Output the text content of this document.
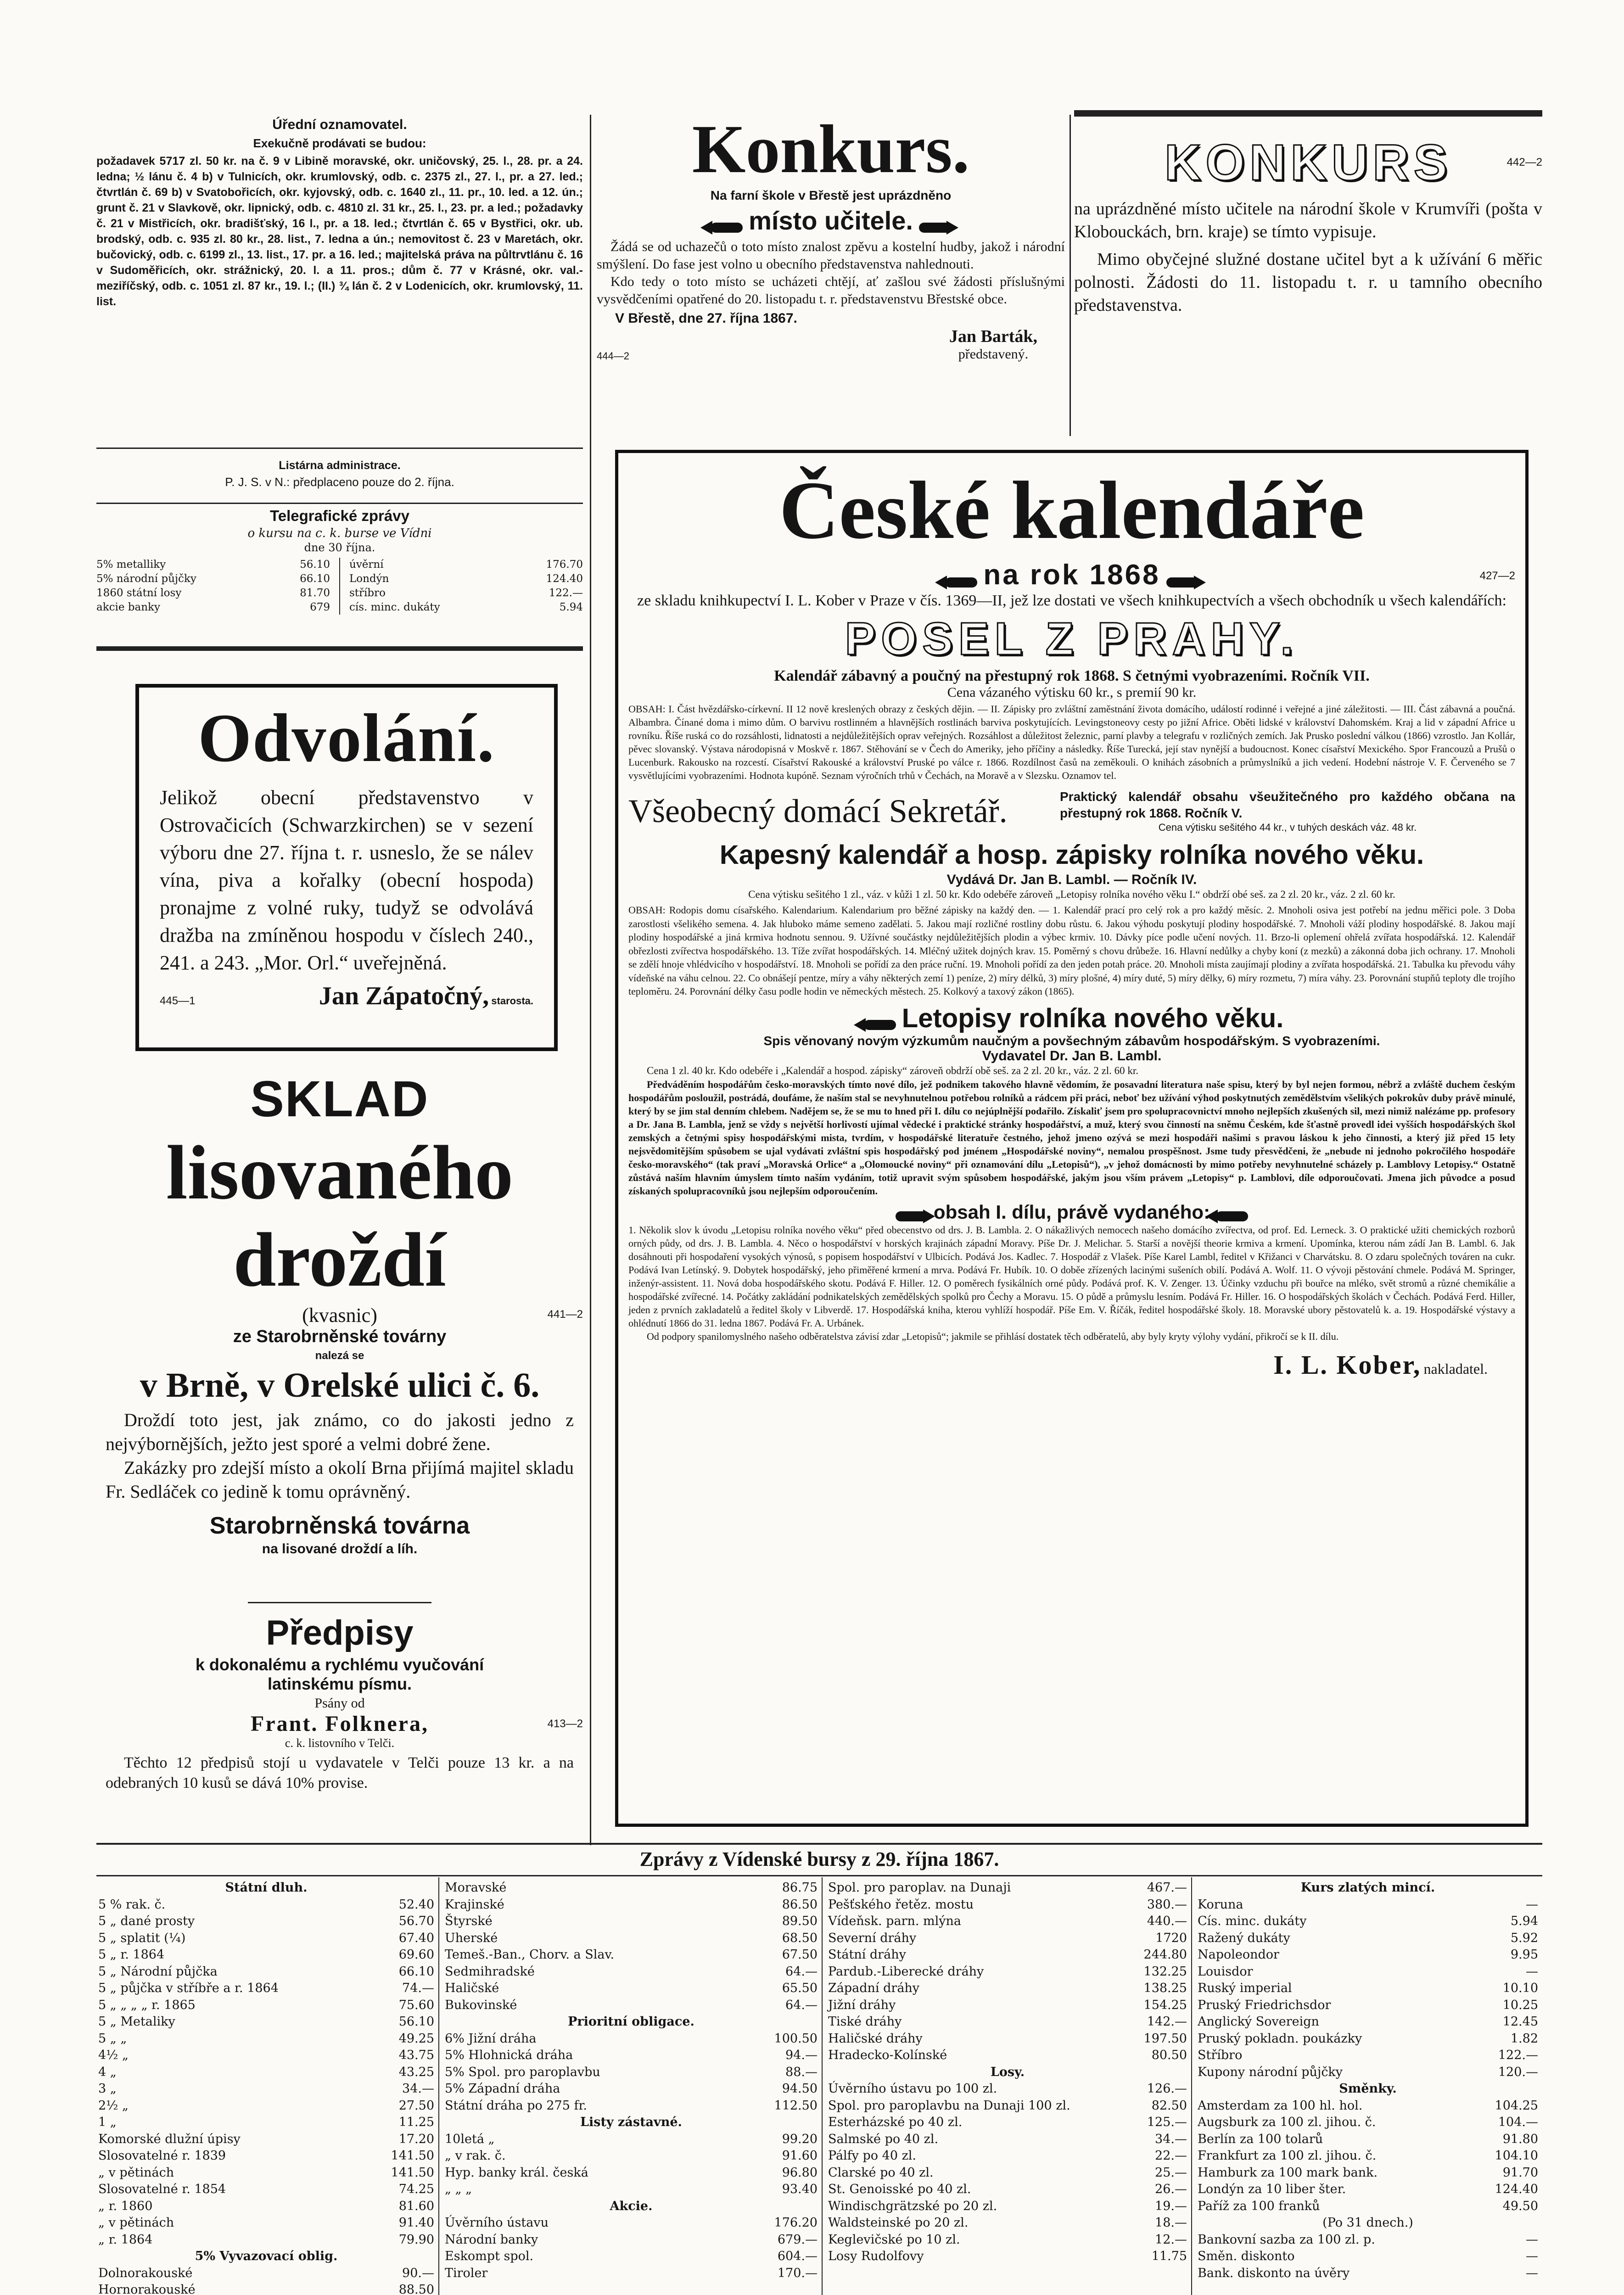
Úřední oznamovatel.
Exekučně prodávati se budou:
požadavek 5717 zl. 50 kr. na č. 9 v Libině moravské, okr. uničovský, 25. l., 28. pr. a 24. ledna; ½ lánu č. 4 b) v Tulnicích, okr. krumlovský, odb. c. 2375 zl., 27. l., pr. a 27. led.; čtvrtlán č. 69 b) v Svatobořicích, okr. kyjovský, odb. c. 1640 zl., 11. pr., 10. led. a 12. ún.; grunt č. 21 v Slavkově, okr. lipnický, odb. c. 4810 zl. 31 kr., 25. l., 23. pr. a led.; požadavky č. 21 v Mistřicích, okr. bradišťský, 16 l., pr. a 18. led.; čtvrtlán č. 65 v Bystřici, okr. ub. brodský, odb. c. 935 zl. 80 kr., 28. list., 7. ledna a ún.; nemovitost č. 23 v Maretách, okr. bučovický, odb. c. 6199 zl., 13. list., 17. pr. a 16. led.; majitelská práva na půltrvtlánu č. 16 v Sudoměřicích, okr. strážnický, 20. l. a 11. pros.; dům č. 77 v Krásné, okr. val.-meziříčský, odb. c. 1051 zl. 87 kr., 19. l.; (II.) ¾ lán č. 2 v Lodenicích, okr. krumlovský, 11. list.
Listárna administrace.
P. J. S. v N.: předplaceno pouze do 2. října.
Telegrafické zprávy
o kursu na c. k. burse ve Vídni
dne 30 října.
5% metalliky	56.10
5% národní půjčky	66.10
1860 státní losy	81.70
akcie banky	679
úvěrní	176.70
Londýn	124.40
stříbro	122.—
cís. minc. dukáty	5.94
Odvolání.
Jelikož obecní představenstvo v Ostrovačicích (Schwarzkirchen) se v sezení výboru dne 27. října t. r. usneslo, že se nálev vína, piva a kořalky (obecní hospoda) pronajme z volné ruky, tudyž se odvolává dražba na zmíněnou hospodu v číslech 240., 241. a 243. „Mor. Orl.“ uveřejněná.
445—1	Jan Zápatočný, starosta.
SKLAD
lisovaného
droždí
(kvasnic)	441—2
ze Starobrněnské továrny
nalezá se
v Brně, v Orelské ulici č. 6.
Droždí toto jest, jak známo, co do jakosti jedno z nejvýbornějších, ježto jest sporé a velmi dobré žene.
Zakázky pro zdejší místo a okolí Brna přijímá majitel skladu Fr. Sedláček co jedině k tomu oprávněný.
Starobrněnská továrna
na lisované droždí a líh.
Předpisy
k dokonalému a rychlému vyučování
latinskému písmu.
Psány od
Frant. Folknera,	413—2
c. k. listovního v Telči.
Těchto 12 předpisů stojí u vydavatele v Telči pouze 13 kr. a na odebraných 10 kusů se dává 10% provise.
Konkurs.
Na farní škole v Břestě jest uprázdněno
místo učitele.
Žádá se od uchazečů o toto místo znalost zpěvu a kostelní hudby, jakož i národní smýšlení. Do fase jest volno u obecního představenstva nahlednouti.
Kdo tedy o toto místo se ucházeti chtějí, ať zašlou své žádosti příslušnými vysvědčeními opatřené do 20. listopadu t. r. představenstvu Břestské obce.
V Břestě, dne 27. října 1867.
444—2
Jan Barták,
představený.
KONKURS	442—2
na uprázdněné místo učitele na národní škole v Krumvíři (pošta v Klobouckách, brn. kraje) se tímto vypisuje.
Mimo obyčejné služné dostane učitel byt a k užívání 6 měřic polnosti. Žádosti do 11. listopadu t. r. u tamního obecního představenstva.
České kalendáře
na rok 1868	427—2
ze skladu knihkupectví I. L. Kober v Praze v čís. 1369—II, jež lze dostati ve všech knihkupectvích a všech obchodník u všech kalendářích:
POSEL Z PRAHY.
Kalendář zábavný a poučný na přestupný rok 1868. S četnými vyobrazeními. Ročník VII.
Cena vázaného výtisku 60 kr., s premií 90 kr.
OBSAH: I. Část hvězdářsko-církevní. II 12 nově kreslených obrazy z českých dějin. — II. Zápisky pro zvláštní zaměstnání života domácího, událostí rodinné i veřejné a jiné záležitosti. — III. Část zábavná a poučná. Albambra. Čínané doma i mimo dům. O barvivu rostlinném a hlavnějších rostlinách barviva poskytujících. Levingstoneovy cesty po jižní Africe. Oběti lidské v království Dahomském. Kraj a lid v západní Africe u rovníku. Říše ruská co do rozsáhlosti, lidnatosti a nejdůležitějších oprav veřejných. Rozsáhlost a důležitost železnic, parní plavby a telegrafu v rozličných zemích. Jak Prusko poslední válkou (1866) vzrostlo. Jan Kollár, pěvec slovanský. Výstava národopisná v Moskvě r. 1867. Stěhování se v Čech do Ameriky, jeho příčiny a následky. Říše Turecká, její stav nynější a budoucnost. Konec císařství Mexického. Spor Francouzů a Prušů o Lucenburk. Rakousko na rozcestí. Císařství Rakouské a království Pruské po válce r. 1866. Rozdílnost časů na zeměkouli. O knihách zásobních a průmyslníků a jich vedení. Hodební nástroje V. F. Červeného se 7 vysvětlujícími vyobrazeními. Hodnota kupóně. Seznam výročních trhů v Čechách, na Moravě a v Slezsku. Oznamov tel.
Všeobecný domácí Sekretář.	Praktický kalendář obsahu všeužitečného pro každého občana na přestupný rok 1868. Ročník V.
Cena výtisku sešitého 44 kr., v tuhých deskách váz. 48 kr.
Kapesný kalendář a hosp. zápisky rolníka nového věku.
Vydává Dr. Jan B. Lambl. — Ročník IV.
Cena výtisku sešitého 1 zl., váz. v kůži 1 zl. 50 kr. Kdo odebéře zároveň „Letopisy rolníka nového věku I.“ obdrží obé seš. za 2 zl. 20 kr., váz. 2 zl. 60 kr.
OBSAH: Rodopis domu císařského. Kalendarium. Kalendarium pro běžné zápisky na každý den. — 1. Kalendář prací pro celý rok a pro každý měsíc. 2. Mnoholi osiva jest potřebí na jednu měřici pole. 3 Doba zarostlosti všelikého semena. 4. Jak hluboko máme semeno zadělati. 5. Jakou mají rozličné rostliny dobu růstu. 6. Jakou výhodu poskytují plodiny hospodářské. 7. Mnoholi váží plodiny hospodářské. 8. Jakou mají plodiny hospodářské a jiná krmiva hodnotu sennou. 9. Užívné součástky nejdůležitějších plodin a výbec krmiv. 10. Dávky píce podle učení nových. 11. Brzo-li oplemení ohřelá zvířata hospodářská. 12. Kalendář obřezlosti zvířectva hospodářského. 13. Tíže zvířat hospodářských. 14. Mléčný užitek dojných krav. 15. Poměrný s chovu drůbeže. 16. Hlavní nedůlky a chyby koní (z mezků) a zákonná doba jich ochrany. 17. Mnoholi se zdělí hnoje vhlédvicího v hospodářství. 18. Mnoholi se pořídí za den práce ruční. 19. Mnoholi pořídí za den jeden potah práce. 20. Mnoholi místa zaujímají plodiny a zvířata hospodářská. 21. Tabulka ku převodu váhy vídeňské na váhu celnou. 22. Co obnášejí pentze, míry a váhy některých zemí 1) peníze, 2) míry délků, 3) míry plošné, 4) míry duté, 5) míry dělky, 6) míry rozmetu, 7) míra váhy. 23. Porovnání stupňů teploty dle trojího teploměru. 24. Porovnání délky času podle hodin ve německých městech. 25. Kolkový a taxový zákon (1865).
Letopisy rolníka nového věku.
Spis věnovaný novým výzkumům naučným a povšechným zábavům hospodářským. S vyobrazeními.
Vydavatel Dr. Jan B. Lambl.
Cena 1 zl. 40 kr. Kdo odebéře i „Kalendář a hospod. zápisky“ zároveň obdrží obě seš. za 2 zl. 20 kr., váz. 2 zl. 60 kr.
Předváděním hospodářům česko-moravských tímto nové dílo, jež podnikem takového hlavně vědomím, že posavadní literatura naše spisu, který by byl nejen formou, nébrž a zvláště duchem českým hospodářům posloužil, postrádá, doufáme, že naším stal se nevyhnutelnou potřebou rolníků a rádcem při práci, neboť bez užívání výhod poskytnutých zemědělstvím všelikých pokrokův duby právě minulé, který by se jim stal denním chlebem. Nadějem se, že se mu to hned při I. dílu co nejúplnější podařilo. Získaliť jsem pro spolupracovnictví mnoho nejlepších zkušených sil, mezi nimiž nalézáme pp. profesory a Dr. Jana B. Lambla, jenž se vždy s největší horlivostí ujímal vědecké i praktické stránky hospodářství, a muž, který svou činností na sněmu Českém, kde šťastně provedl idei vyšších hospodářských škol zemských a četnými spisy hospodářskými mista, tvrdím, v hospodářské literatuře čestného, jehož jmeno ozývá se mezi hospodáři našimi s pravou láskou k jeho činnosti, a který již před 15 lety nejsvědomitějším spůsobem se ujal vydávati zvláštní spis hospodářský pod jménem „Hospodářské noviny“, nemalou prospěšnost. Jsme tudy přesvědčeni, že „nebude ni jednoho pokročilého hospodáře česko-moravského“ (tak praví „Moravská Orlice“ a „Olomoucké noviny“ při oznamování dílu „Letopisů“), „v jehož domácnosti by mimo potřeby nevyhnutelné scházely p. Lamblovy Letopisy.“ Ostatně zůstává naším hlavním úmyslem tímto naším vydáním, totiž upravit svým spůsobem hospodářské, jakým jsou vším právem „Letopisy“ p. Lamblovi, díle odporoučovati. Jmena jich původce a posud získaných spolupracovníků jsou nejlepším odporoučením.
obsah I. dílu, právě vydaného:
1. Několik slov k úvodu „Letopisu rolníka nového věku“ před obecenstvo od drs. J. B. Lambla. 2. O nákažlivých nemocech našeho domácího zvířectva, od prof. Ed. Lerneck. 3. O praktické užiti chemických rozborů orných půdy, od drs. J. B. Lambla. 4. Něco o hospodářství v horských krajinách západní Moravy. Píše Dr. J. Melichar. 5. Starší a novější theorie krmiva a krmení. Upomínka, kterou nám zádí Jan B. Lambl. 6. Jak dosáhnouti při hospodaření vysokých výnosů, s popisem hospodářství v Ulbicích. Podává Jos. Kadlec. 7. Hospodář z Vlašek. Píše Karel Lambl, ředitel v Křižanci v Charvátsku. 8. O zdaru společných továren na cukr. Podává Ivan Letínský. 9. Dobytek hospodářský, jeho přiměřené krmení a mrva. Podává Fr. Hubík. 10. O doběe zřízených lacinými sušeních obilí. Podává A. Wolf. 11. O vývoji pěstování chmele. Podává M. Springer, inženýr-assistent. 11. Nová doba hospodářského skotu. Podává F. Hiller. 12. O poměrech fysikálních orné půdy. Podává prof. K. V. Zenger. 13. Účinky vzduchu při bouřce na mléko, svět stromů a různé chemikálie a hospodářské zvířecné. 14. Počátky zakládání podnikatelských zemědělských spolků pro Čechy a Moravu. 15. O půdě a průmyslu lesním. Podává Fr. Hiller. 16. O hospodářských školách v Čechách. Podává Ferd. Hiller, jeden z prvních zakladatelů a ředitel školy v Libverdě. 17. Hospodářská kniha, kterou vyhlíží hospodář. Píše Em. V. Říčák, ředitel hospodářské školy. 18. Moravské ubory pěstovatelů k. a. 19. Hospodářské výstavy a ohlédnutí 1866 do 31. ledna 1867. Podává Fr. A. Urbánek.
Od podpory spanilomyslného našeho odběratelstva závisí zdar „Letopisů“; jakmile se přihlásí dostatek těch odběratelů, aby byly kryty výlohy vydání, přikročí se k II. dílu.
I. L. Kober, nakladatel.
Zprávy z Vídenské bursy z 29. října 1867.
Státní dluh.	
5 % rak. č.	52.40
5 „ dané prosty	56.70
5 „ splatit (¼)	67.40
5 „ r. 1864	69.60
5 „ Národní půjčka	66.10
5 „ půjčka v stříbře a r. 1864	74.—
5 „ „ „ „ r. 1865	75.60
5 „ Metaliky	56.10
5 „ „	49.25
4½ „	43.75
4 „	43.25
3 „	34.—
2½ „	27.50
1 „	11.25
Komorské dlužní úpisy	17.20
Slosovatelné r. 1839	141.50
„ v pětinách	141.50
Slosovatelné r. 1854	74.25
„ r. 1860	81.60
„ v pětinách	91.40
„ r. 1864	79.90
5% Vyvazovací oblig.	
Dolnorakouské	90.—
Hornorakouské	88.50

Moravské	86.75
Krajinské	86.50
Štyrské	89.50
Uherské	68.50
Temeš.-Ban., Chorv. a Slav.	67.50
Sedmihradské	64.—
Haličské	65.50
Bukovinské	64.—
Prioritní obligace.	
6% Jižní dráha	100.50
5% Hlohnická dráha	94.—
5% Spol. pro paroplavbu	88.—
5% Západní dráha	94.50
Státní dráha po 275 fr.	112.50
Listy zástavné.	
10letá „	99.20
„ v rak. č.	91.60
Hyp. banky král. česká	96.80
„ „ „	93.40
Akcie.	
Úvěrního ústavu	176.20
Národní banky	679.—
Eskompt spol.	604.—
Tiroler	170.—
Spol. pro paroplav. na Dunaji	467.—
Pešťského řetěz. mostu	380.—
Vídeňsk. parn. mlýna	440.—
Severní dráhy	1720
Státní dráhy	244.80
Pardub.-Liberecké dráhy	132.25
Západní dráhy	138.25
Jižní dráhy	154.25
Tiské dráhy	142.—
Haličské dráhy	197.50
Hradecko-Kolínské	80.50
Losy.	
Úvěrního ústavu po 100 zl.	126.—
Spol. pro paroplavbu na Dunaji 100 zl.	82.50
Esterházské po 40 zl.	125.—
Salmské po 40 zl.	34.—
Pálfy po 40 zl.	22.—
Clarské po 40 zl.	25.—
St. Genoisské po 40 zl.	26.—
Windischgrätzské po 20 zl.	19.—
Waldsteinské po 20 zl.	18.—
Keglevičské po 10 zl.	12.—
Losy Rudolfovy	11.75
Kurs zlatých mincí.	
Koruna	—
Cís. minc. dukáty	5.94
Ražený dukáty	5.92
Napoleondor	9.95
Louisdor	—
Ruský imperial	10.10
Pruský Friedrichsdor	10.25
Anglický Sovereign	12.45
Pruský pokladn. poukázky	1.82
Stříbro	122.—
Kupony národní půjčky	120.—
Směnky.	
Amsterdam za 100 hl. hol.	104.25
Augsburk za 100 zl. jihou. č.	104.—
Berlín za 100 tolarů	91.80
Frankfurt za 100 zl. jihou. č.	104.10
Hamburk za 100 mark bank.	91.70
Londýn za 10 liber šter.	124.40
Paříž za 100 franků	49.50
(Po 31 dnech.)	
Bankovní sazba za 100 zl. p.	—
Směn. diskonto	—
Bank. diskonto na úvěry	—
